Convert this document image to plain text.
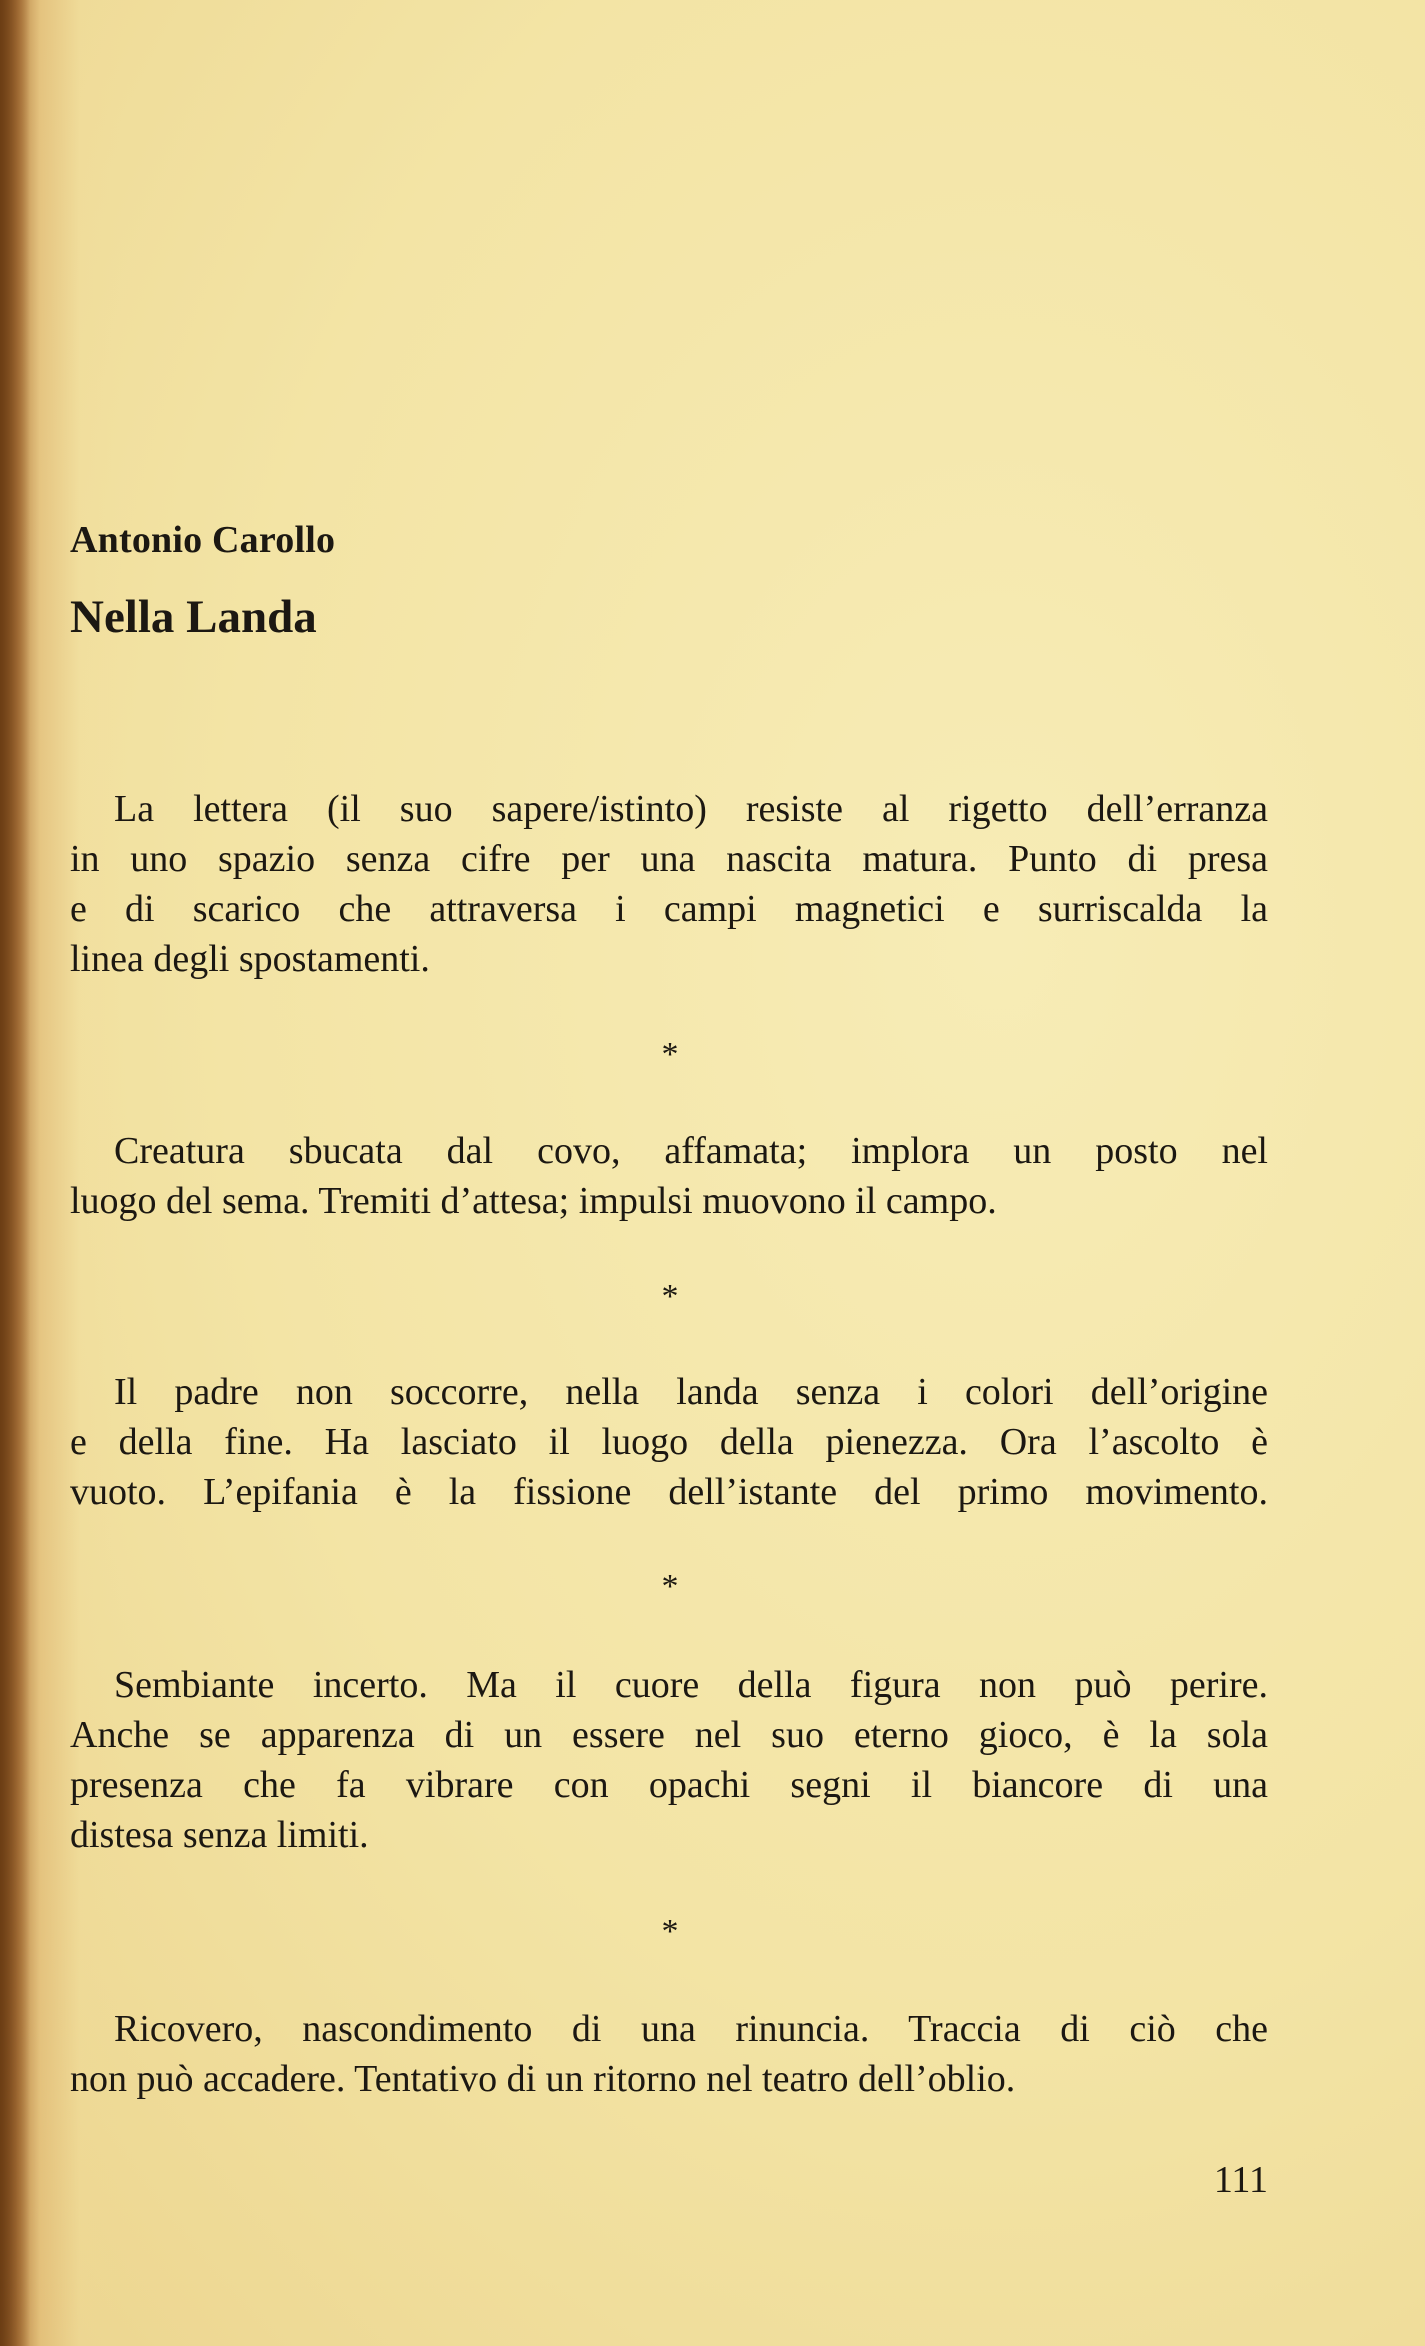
Antonio Carollo
Nella Landa
La lettera (il suo sapere/istinto) resiste al rigetto dell’erranza
in uno spazio senza cifre per una nascita matura. Punto di presa
e di scarico che attraversa i campi magnetici e surriscalda la
linea degli spostamenti.
*
Creatura sbucata dal covo, affamata; implora un posto nel
luogo del sema. Tremiti d’attesa; impulsi muovono il campo.
*
Il padre non soccorre, nella landa senza i colori dell’origine
e della fine. Ha lasciato il luogo della pienezza. Ora l’ascolto è
vuoto. L’epifania è la fissione dell’istante del primo movimento.
*
Sembiante incerto. Ma il cuore della figura non può perire.
Anche se apparenza di un essere nel suo eterno gioco, è la sola
presenza che fa vibrare con opachi segni il biancore di una
distesa senza limiti.
*
Ricovero, nascondimento di una rinuncia. Traccia di ciò che
non può accadere. Tentativo di un ritorno nel teatro dell’oblio.
111
